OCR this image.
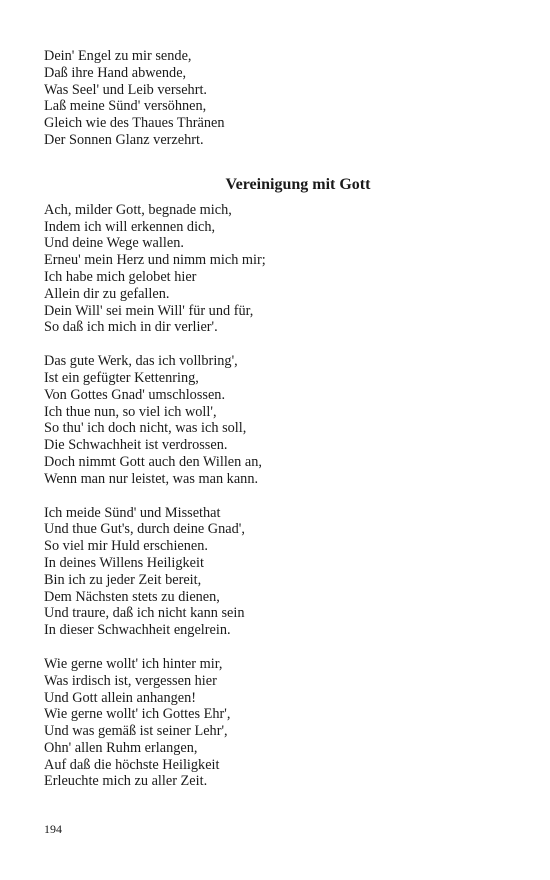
Dein' Engel zu mir sende,
Daß ihre Hand abwende,
Was Seel' und Leib versehrt.
Laß meine Sünd' versöhnen,
Gleich wie des Thaues Thränen
Der Sonnen Glanz verzehrt.
Vereinigung mit Gott
Ach, milder Gott, begnade mich,
Indem ich will erkennen dich,
Und deine Wege wallen.
Erneu' mein Herz und nimm mich mir;
Ich habe mich gelobet hier
Allein dir zu gefallen.
Dein Will' sei mein Will' für und für,
So daß ich mich in dir verlier'.
Das gute Werk, das ich vollbring',
Ist ein gefügter Kettenring,
Von Gottes Gnad' umschlossen.
Ich thue nun, so viel ich woll',
So thu' ich doch nicht, was ich soll,
Die Schwachheit ist verdrossen.
Doch nimmt Gott auch den Willen an,
Wenn man nur leistet, was man kann.
Ich meide Sünd' und Missethat
Und thue Gut's, durch deine Gnad',
So viel mir Huld erschienen.
In deines Willens Heiligkeit
Bin ich zu jeder Zeit bereit,
Dem Nächsten stets zu dienen,
Und traure, daß ich nicht kann sein
In dieser Schwachheit engelrein.
Wie gerne wollt' ich hinter mir,
Was irdisch ist, vergessen hier
Und Gott allein anhangen!
Wie gerne wollt' ich Gottes Ehr',
Und was gemäß ist seiner Lehr',
Ohn' allen Ruhm erlangen,
Auf daß die höchste Heiligkeit
Erleuchte mich zu aller Zeit.
194
